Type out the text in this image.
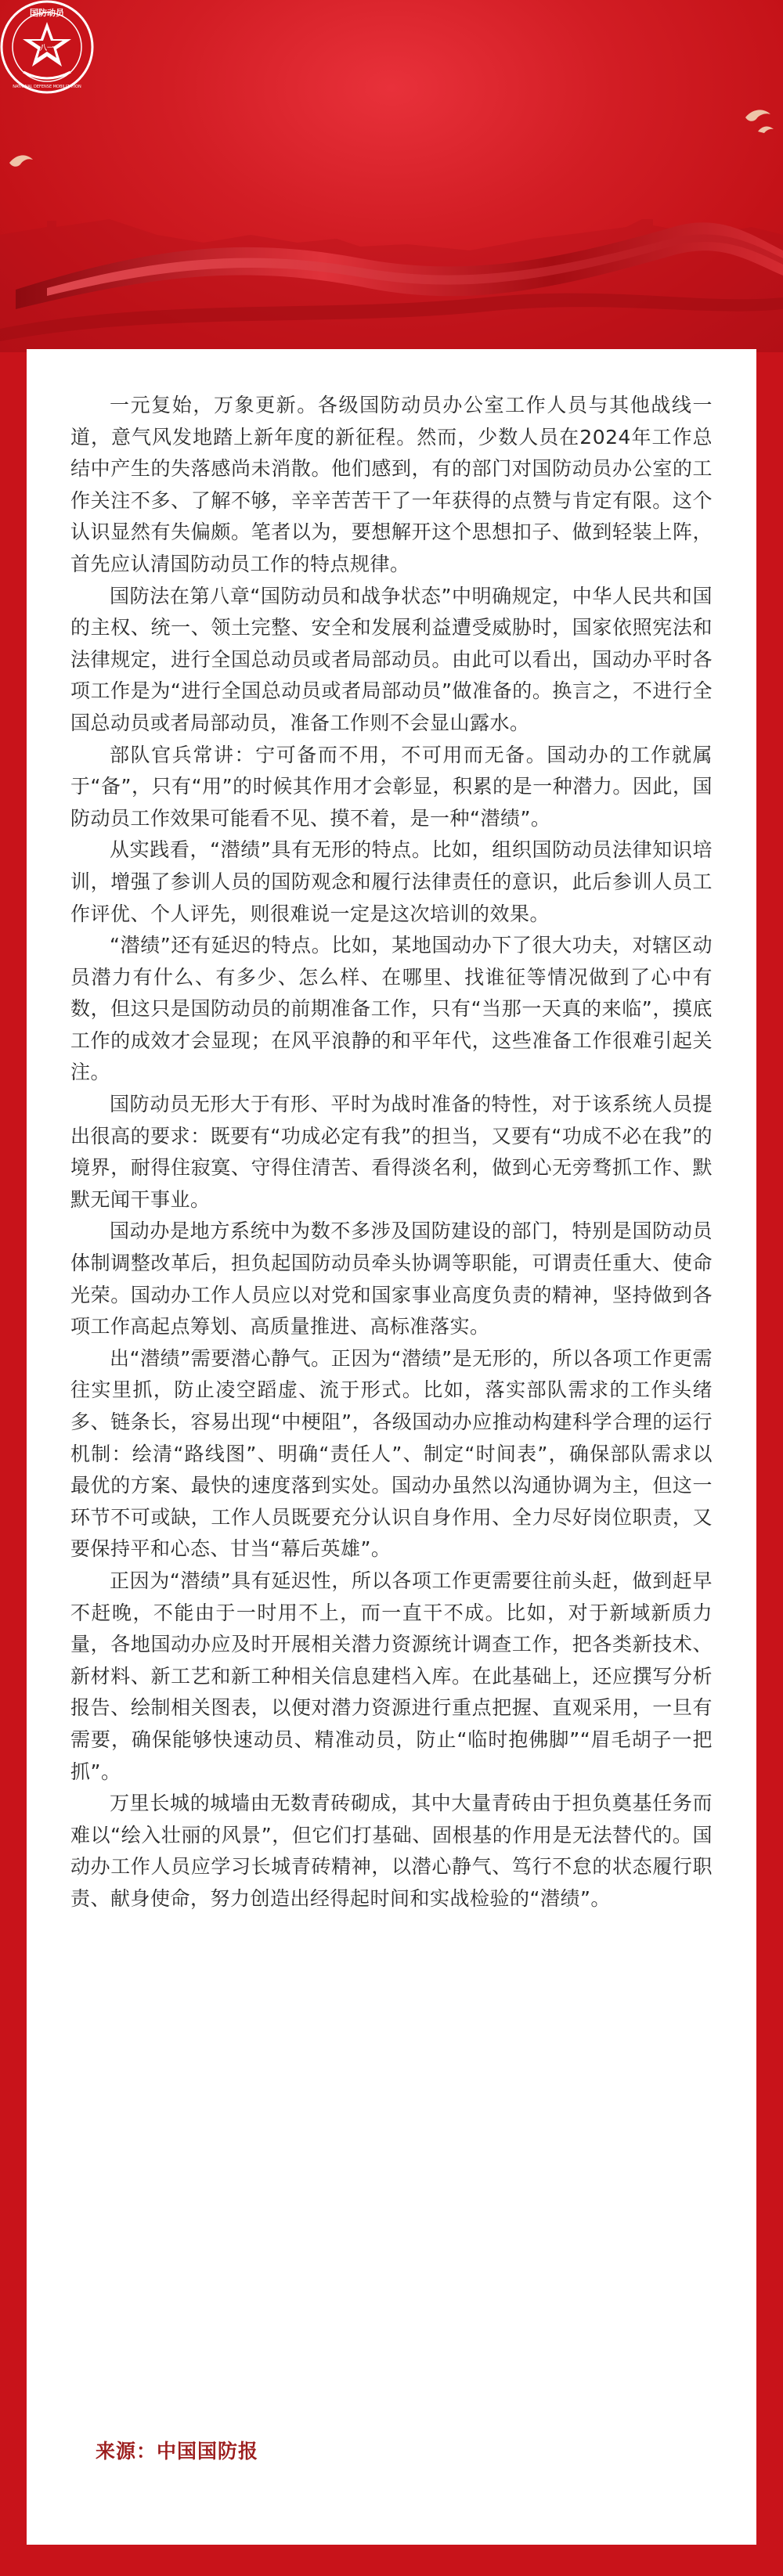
八一
国防动员
NATIONAL DEFENSE MOBILIZATION

一元复始，万象更新。各级国防动员办公室工作人员与其他战线一道，意气风发地踏上新年度的新征程。然而，少数人员在2024年工作总结中产生的失落感尚未消散。他们感到，有的部门对国防动员办公室的工作关注不多、了解不够，辛辛苦苦干了一年获得的点赞与肯定有限。这个认识显然有失偏颇。笔者以为，要想解开这个思想扣子、做到轻装上阵，首先应认清国防动员工作的特点规律。

国防法在第八章“国防动员和战争状态”中明确规定，中华人民共和国的主权、统一、领土完整、安全和发展利益遭受威胁时，国家依照宪法和法律规定，进行全国总动员或者局部动员。由此可以看出，国动办平时各项工作是为“进行全国总动员或者局部动员”做准备的。换言之，不进行全国总动员或者局部动员，准备工作则不会显山露水。

部队官兵常讲：宁可备而不用，不可用而无备。国动办的工作就属于“备”，只有“用”的时候其作用才会彰显，积累的是一种潜力。因此，国防动员工作效果可能看不见、摸不着，是一种“潜绩”。

从实践看，“潜绩”具有无形的特点。比如，组织国防动员法律知识培训，增强了参训人员的国防观念和履行法律责任的意识，此后参训人员工作评优、个人评先，则很难说一定是这次培训的效果。

“潜绩”还有延迟的特点。比如，某地国动办下了很大功夫，对辖区动员潜力有什么、有多少、怎么样、在哪里、找谁征等情况做到了心中有数，但这只是国防动员的前期准备工作，只有“当那一天真的来临”，摸底工作的成效才会显现；在风平浪静的和平年代，这些准备工作很难引起关注。

国防动员无形大于有形、平时为战时准备的特性，对于该系统人员提出很高的要求：既要有“功成必定有我”的担当，又要有“功成不必在我”的境界，耐得住寂寞、守得住清苦、看得淡名利，做到心无旁骛抓工作、默默无闻干事业。

国动办是地方系统中为数不多涉及国防建设的部门，特别是国防动员体制调整改革后，担负起国防动员牵头协调等职能，可谓责任重大、使命光荣。国动办工作人员应以对党和国家事业高度负责的精神，坚持做到各项工作高起点筹划、高质量推进、高标准落实。

出“潜绩”需要潜心静气。正因为“潜绩”是无形的，所以各项工作更需往实里抓，防止凌空蹈虚、流于形式。比如，落实部队需求的工作头绪多、链条长，容易出现“中梗阻”，各级国动办应推动构建科学合理的运行机制：绘清“路线图”、明确“责任人”、制定“时间表”，确保部队需求以最优的方案、最快的速度落到实处。国动办虽然以沟通协调为主，但这一环节不可或缺，工作人员既要充分认识自身作用、全力尽好岗位职责，又要保持平和心态、甘当“幕后英雄”。

正因为“潜绩”具有延迟性，所以各项工作更需要往前头赶，做到赶早不赶晚，不能由于一时用不上，而一直干不成。比如，对于新域新质力量，各地国动办应及时开展相关潜力资源统计调查工作，把各类新技术、新材料、新工艺和新工种相关信息建档入库。在此基础上，还应撰写分析报告、绘制相关图表，以便对潜力资源进行重点把握、直观采用，一旦有需要，确保能够快速动员、精准动员，防止“临时抱佛脚”“眉毛胡子一把抓”。

万里长城的城墙由无数青砖砌成，其中大量青砖由于担负奠基任务而难以“绘入壮丽的风景”，但它们打基础、固根基的作用是无法替代的。国动办工作人员应学习长城青砖精神，以潜心静气、笃行不怠的状态履行职责、献身使命，努力创造出经得起时间和实战检验的“潜绩”。

来源：中国国防报
